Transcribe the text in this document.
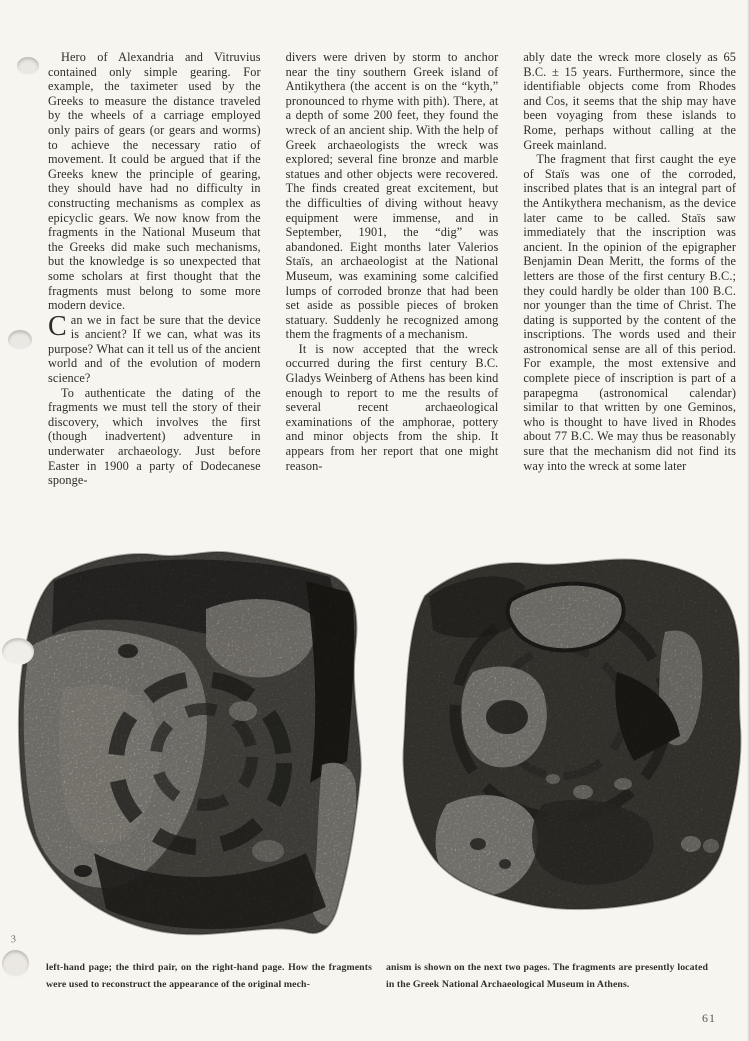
Hero of Alexandria and Vitruvius contained only simple gearing. For example, the taximeter used by the Greeks to measure the distance traveled by the wheels of a carriage employed only pairs of gears (or gears and worms) to achieve the necessary ratio of movement. It could be argued that if the Greeks knew the principle of gearing, they should have had no difficulty in constructing mechanisms as complex as epicyclic gears. We now know from the fragments in the National Museum that the Greeks did make such mechanisms, but the knowledge is so unexpected that some scholars at first thought that the fragments must belong to some more modern device.

Can we in fact be sure that the device is ancient? If we can, what was its purpose? What can it tell us of the ancient world and of the evolution of modern science?

To authenticate the dating of the fragments we must tell the story of their discovery, which involves the first (though inadvertent) adventure in underwater archaeology. Just before Easter in 1900 a party of Dodecanese sponge-

divers were driven by storm to anchor near the tiny southern Greek island of Antikythera (the accent is on the “kyth,” pronounced to rhyme with pith). There, at a depth of some 200 feet, they found the wreck of an ancient ship. With the help of Greek archaeologists the wreck was explored; several fine bronze and marble statues and other objects were recovered. The finds created great excitement, but the difficulties of diving without heavy equipment were immense, and in September, 1901, the “dig” was abandoned. Eight months later Valerios Staïs, an archaeologist at the National Museum, was examining some calcified lumps of corroded bronze that had been set aside as possible pieces of broken statuary. Suddenly he recognized among them the fragments of a mechanism.

It is now accepted that the wreck occurred during the first century B.C. Gladys Weinberg of Athens has been kind enough to report to me the results of several recent archaeological examinations of the amphorae, pottery and minor objects from the ship. It appears from her report that one might reason-

ably date the wreck more closely as 65 B.C. ± 15 years. Furthermore, since the identifiable objects come from Rhodes and Cos, it seems that the ship may have been voyaging from these islands to Rome, perhaps without calling at the Greek mainland.

The fragment that first caught the eye of Staïs was one of the corroded, inscribed plates that is an integral part of the Antikythera mechanism, as the device later came to be called. Staïs saw immediately that the inscription was ancient. In the opinion of the epigrapher Benjamin Dean Meritt, the forms of the letters are those of the first century B.C.; they could hardly be older than 100 B.C. nor younger than the time of Christ. The dating is supported by the content of the inscriptions. The words used and their astronomical sense are all of this period. For example, the most extensive and complete piece of inscription is part of a parapegma (astronomical calendar) similar to that written by one Geminos, who is thought to have lived in Rhodes about 77 B.C. We may thus be reasonably sure that the mechanism did not find its way into the wreck at some later

left-hand page; the third pair, on the right-hand page. How the fragments were used to reconstruct the appearance of the original mech-

anism is shown on the next two pages. The fragments are presently located in the Greek National Archaeological Museum in Athens.

3
61
